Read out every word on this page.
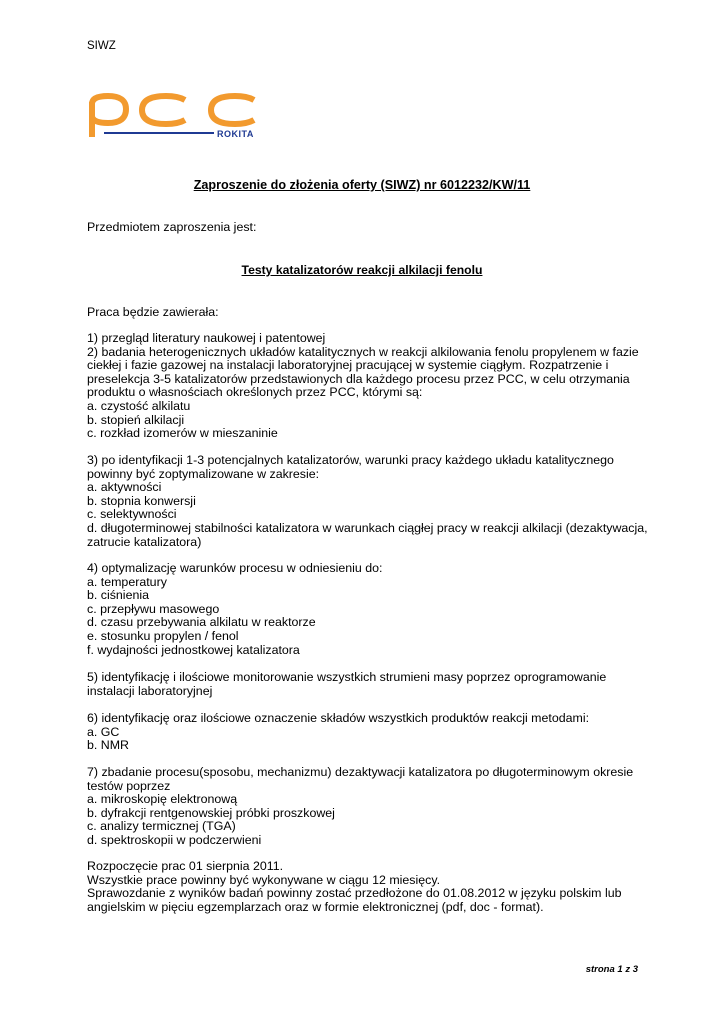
SIWZ
ROKITA
Zaproszenie do złożenia oferty (SIWZ) nr 6012232/KW/11
Przedmiotem zaproszenia jest:
Testy katalizatorów reakcji alkilacji fenolu
Praca będzie zawierała:
1) przegląd literatury naukowej i patentowej
2) badania heterogenicznych układów katalitycznych w reakcji alkilowania fenolu propylenem w fazie
ciekłej i fazie gazowej na instalacji laboratoryjnej pracującej w systemie ciągłym. Rozpatrzenie i
preselekcja 3-5 katalizatorów przedstawionych dla każdego procesu przez PCC, w celu otrzymania
produktu o własnościach określonych przez PCC, którymi są:
a. czystość alkilatu
b. stopień alkilacji
c. rozkład izomerów w mieszaninie
3) po identyfikacji 1-3 potencjalnych katalizatorów, warunki pracy każdego układu katalitycznego
powinny być zoptymalizowane w zakresie:
a. aktywności
b. stopnia konwersji
c. selektywności
d. długoterminowej stabilności katalizatora w warunkach ciągłej pracy w reakcji alkilacji (dezaktywacja,
zatrucie katalizatora)
4) optymalizację warunków procesu w odniesieniu do:
a. temperatury
b. ciśnienia
c. przepływu masowego
d. czasu przebywania alkilatu w reaktorze
e. stosunku propylen / fenol
f. wydajności jednostkowej katalizatora
5) identyfikację i ilościowe monitorowanie wszystkich strumieni masy poprzez oprogramowanie
instalacji laboratoryjnej
6) identyfikację oraz ilościowe oznaczenie składów wszystkich produktów reakcji metodami:
a. GC
b. NMR
7) zbadanie procesu(sposobu, mechanizmu) dezaktywacji katalizatora po długoterminowym okresie
testów poprzez
a. mikroskopię elektronową
b. dyfrakcji rentgenowskiej próbki proszkowej
c. analizy termicznej (TGA)
d. spektroskopii w podczerwieni
Rozpoczęcie prac 01 sierpnia 2011.
Wszystkie prace powinny być wykonywane w ciągu 12 miesięcy.
Sprawozdanie z wyników badań powinny zostać przedłożone do 01.08.2012 w języku polskim lub
angielskim w pięciu egzemplarzach oraz w formie elektronicznej (pdf, doc - format).
strona 1 z 3
